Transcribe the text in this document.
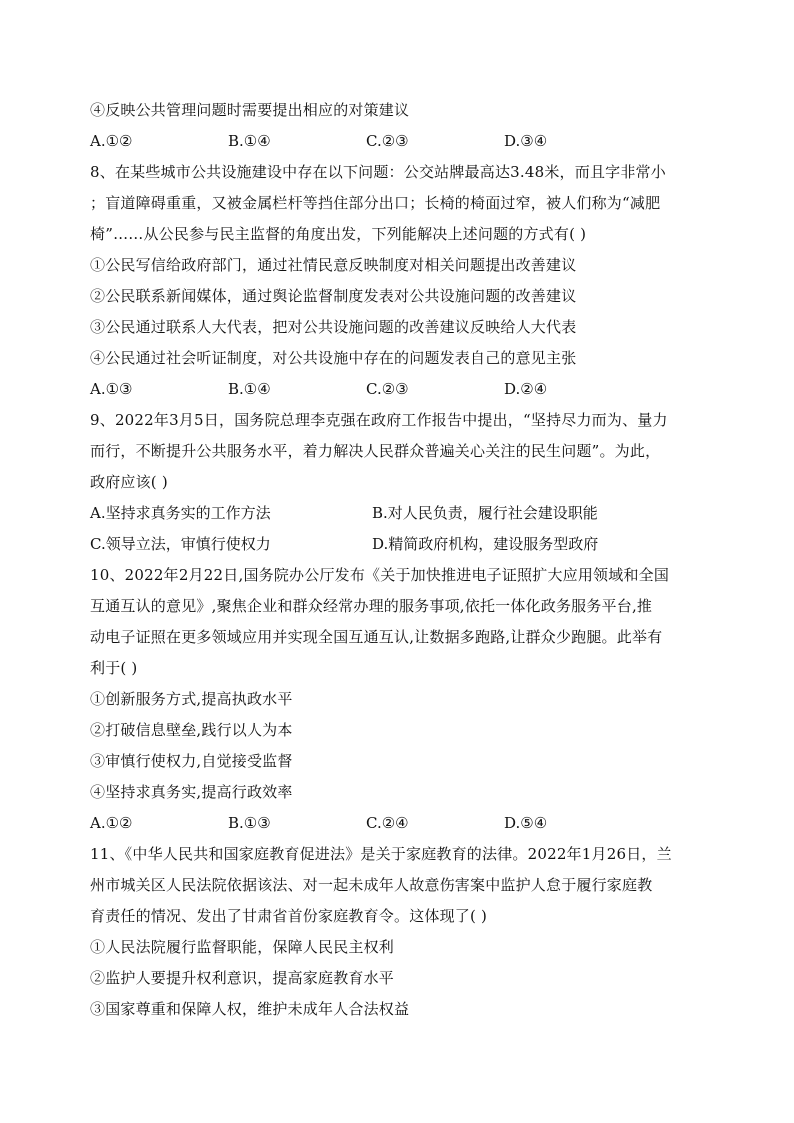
④反映公共管理问题时需要提出相应的对策建议
A.①②	B.①④	C.②③	D.③④
8、在某些城市公共设施建设中存在以下问题：公交站牌最高达3.48米，而且字非常小
；盲道障碍重重，又被金属栏杆等挡住部分出口；长椅的椅面过窄，被人们称为“减肥
椅”……从公民参与民主监督的角度出发，下列能解决上述问题的方式有( )
①公民写信给政府部门，通过社情民意反映制度对相关问题提出改善建议
②公民联系新闻媒体，通过舆论监督制度发表对公共设施问题的改善建议
③公民通过联系人大代表，把对公共设施问题的改善建议反映给人大代表
④公民通过社会听证制度，对公共设施中存在的问题发表自己的意见主张
A.①③	B.①④	C.②③	D.②④
9、2022年3月5日，国务院总理李克强在政府工作报告中提出，“坚持尽力而为、量力
而行，不断提升公共服务水平，着力解决人民群众普遍关心关注的民生问题”。为此，
政府应该( )
A.坚持求真务实的工作方法	B.对人民负责，履行社会建设职能
C.领导立法，审慎行使权力	D.精简政府机构，建设服务型政府
10、2022年2月22日,国务院办公厅发布《关于加快推进电子证照扩大应用领域和全国
互通互认的意见》,聚焦企业和群众经常办理的服务事项,依托一体化政务服务平台,推
动电子证照在更多领域应用并实现全国互通互认,让数据多跑路,让群众少跑腿。此举有
利于( )
①创新服务方式,提高执政水平
②打破信息壁垒,践行以人为本
③审慎行使权力,自觉接受监督
④坚持求真务实,提高行政效率
A.①②	B.①③	C.②④	D.⑤④
11、《中华人民共和国家庭教育促进法》是关于家庭教育的法律。2022年1月26日，兰
州市城关区人民法院依据该法、对一起未成年人故意伤害案中监护人怠于履行家庭教
育责任的情况、发出了甘肃省首份家庭教育令。这体现了( )
①人民法院履行监督职能，保障人民民主权利
②监护人要提升权利意识，提高家庭教育水平
③国家尊重和保障人权，维护未成年人合法权益
